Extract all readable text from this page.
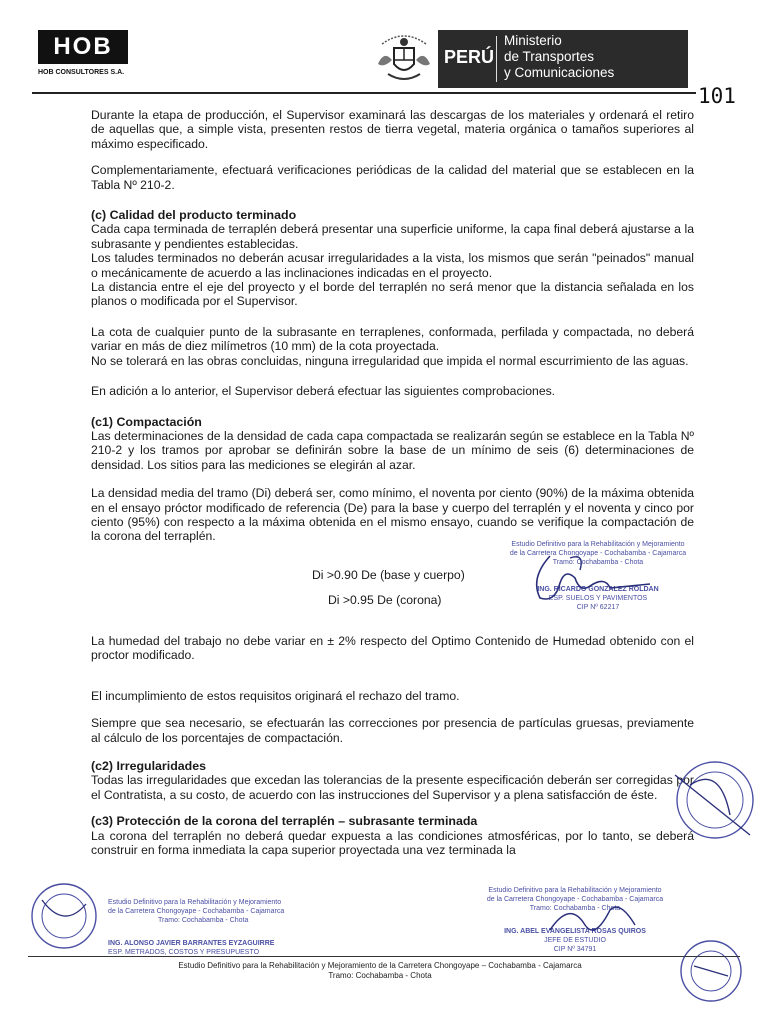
HOB
HOB CONSULTORES S.A.
PERÚ
Ministerio
de Transportes
y Comunicaciones
101

Durante la etapa de producción, el Supervisor examinará las descargas de los materiales y ordenará el retiro de aquellas que, a simple vista, presenten restos de tierra vegetal, materia orgánica o tamaños superiores al máximo especificado.

Complementariamente, efectuará verificaciones periódicas de la calidad del material que se establecen en la Tabla Nº 210-2.

(c) Calidad del producto terminado

Cada capa terminada de terraplén deberá presentar una superficie uniforme, la capa final deberá ajustarse a la subrasante y pendientes establecidas.

Los taludes terminados no deberán acusar irregularidades a la vista, los mismos que serán "peinados" manual o mecánicamente de acuerdo a las inclinaciones indicadas en el proyecto.

La distancia entre el eje del proyecto y el borde del terraplén no será menor que la distancia señalada en los planos o modificada por el Supervisor.

La cota de cualquier punto de la subrasante en terraplenes, conformada, perfilada y compactada, no deberá variar en más de diez milímetros (10 mm) de la cota proyectada.

No se tolerará en las obras concluidas, ninguna irregularidad que impida el normal escurrimiento de las aguas.

En adición a lo anterior, el Supervisor deberá efectuar las siguientes comprobaciones.

(c1) Compactación

Las determinaciones de la densidad de cada capa compactada se realizarán según se establece en la Tabla Nº 210-2 y los tramos por aprobar se definirán sobre la base de un mínimo de seis (6) determinaciones de densidad. Los sitios para las mediciones se elegirán al azar.

La densidad media del tramo (Di) deberá ser, como mínimo, el noventa por ciento (90%) de la máxima obtenida en el ensayo próctor modificado de referencia (De) para la base y cuerpo del terraplén y el noventa y cinco por ciento (95%) con respecto a la máxima obtenida en el mismo ensayo, cuando se verifique la compactación de la corona del terraplén.

Di >0.90 De (base y cuerpo)
Di >0.95 De (corona)

La humedad del trabajo no debe variar en ± 2% respecto del Optimo Contenido de Humedad obtenido con el proctor modificado.

El incumplimiento de estos requisitos originará el rechazo del tramo.

Siempre que sea necesario, se efectuarán las correcciones por presencia de partículas gruesas, previamente al cálculo de los porcentajes de compactación.

(c2) Irregularidades

Todas las irregularidades que excedan las tolerancias de la presente especificación deberán ser corregidas por el Contratista, a su costo, de acuerdo con las instrucciones del Supervisor y a plena satisfacción de éste.

(c3) Protección de la corona del terraplén – subrasante terminada

La corona del terraplén no deberá quedar expuesta a las condiciones atmosféricas, por lo tanto, se deberá construir en forma inmediata la capa superior proyectada una vez terminada la

Estudio Definitivo para la Rehabilitación y Mejoramiento
de la Carretera Chongoyape - Cochabamba - Cajamarca
Tramo: Cochabamba - Chota
ING. RICARDO GONZALEZ ROLDAN
ESP. SUELOS Y PAVIMENTOS
CIP Nº 62217
Estudio Definitivo para la Rehabilitación y Mejoramiento
de la Carretera Chongoyape - Cochabamba - Cajamarca
Tramo: Cochabamba - Chota
ING. ALONSO JAVIER BARRANTES EYZAGUIRRE
ESP. METRADOS, COSTOS Y PRESUPUESTO
Estudio Definitivo para la Rehabilitación y Mejoramiento
de la Carretera Chongoyape - Cochabamba - Cajamarca
Tramo: Cochabamba - Chota
ING. ABEL EVANGELISTA ROSAS QUIROS
JEFE DE ESTUDIO
CIP Nº 34791
Estudio Definitivo para la Rehabilitación y Mejoramiento de la Carretera Chongoyape – Cochabamba - Cajamarca
Tramo: Cochabamba - Chota
